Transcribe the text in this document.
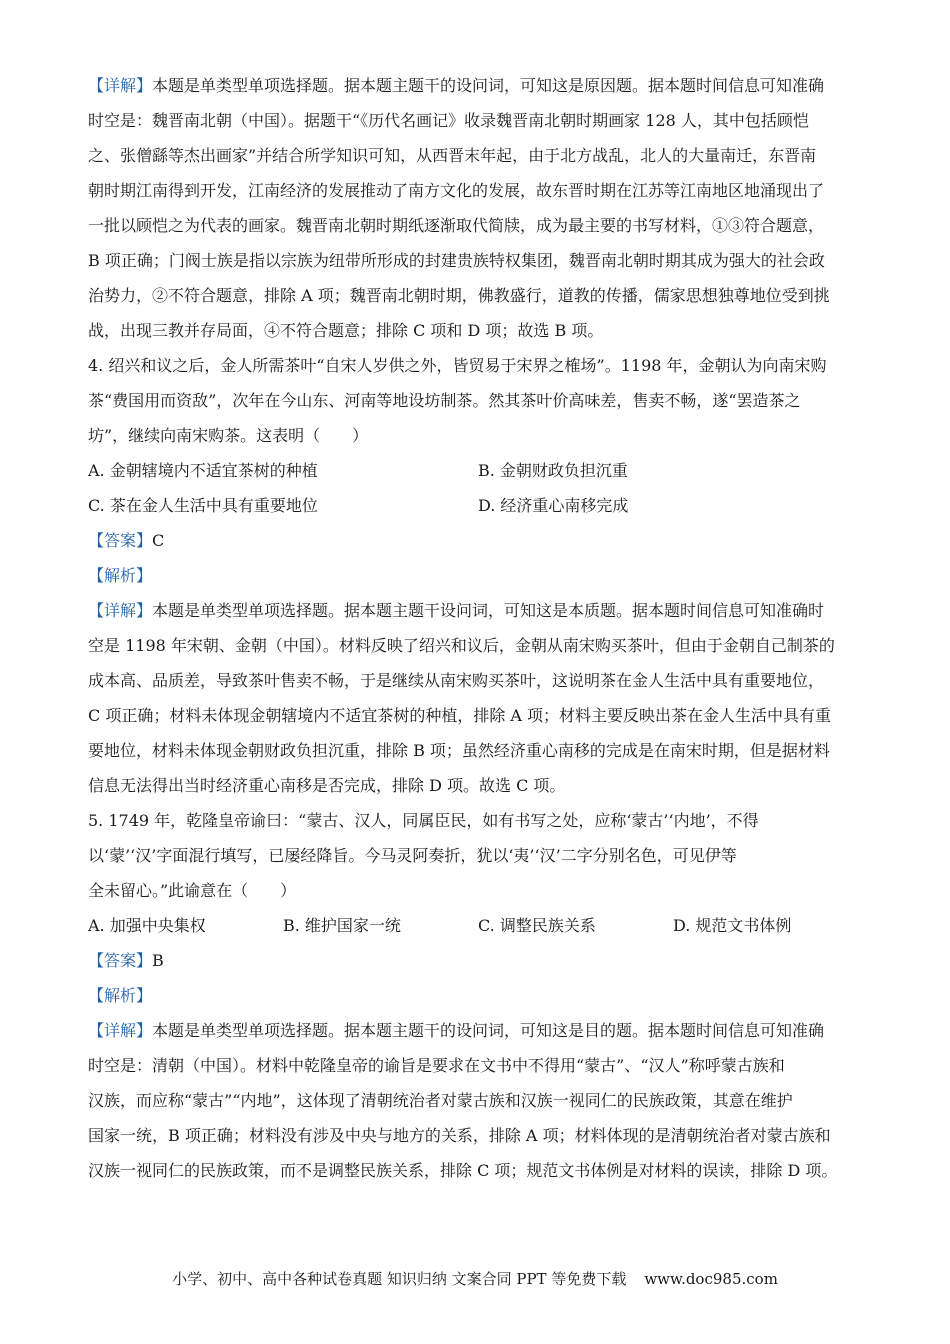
【详解】本题是单类型单项选择题。据本题主题干的设问词，可知这是原因题。据本题时间信息可知准确
时空是：魏晋南北朝（中国）。据题干“《历代名画记》收录魏晋南北朝时期画家 128 人，其中包括顾恺
之、张僧繇等杰出画家”并结合所学知识可知，从西晋末年起，由于北方战乱，北人的大量南迁，东晋南
朝时期江南得到开发，江南经济的发展推动了南方文化的发展，故东晋时期在江苏等江南地区地涌现出了
一批以顾恺之为代表的画家。魏晋南北朝时期纸逐渐取代简牍，成为最主要的书写材料，①③符合题意，
B 项正确；门阀士族是指以宗族为纽带所形成的封建贵族特权集团，魏晋南北朝时期其成为强大的社会政
治势力，②不符合题意，排除 A 项；魏晋南北朝时期，佛教盛行，道教的传播，儒家思想独尊地位受到挑
战，出现三教并存局面，④不符合题意；排除 C 项和 D 项；故选 B 项。
4. 绍兴和议之后，金人所需茶叶“自宋人岁供之外，皆贸易于宋界之榷场”。1198 年，金朝认为向南宋购
茶“费国用而资敌”，次年在今山东、河南等地设坊制茶。然其茶叶价高味差，售卖不畅，遂“罢造茶之
坊”，继续向南宋购茶。这表明（　　）
A. 金朝辖境内不适宜茶树的种植	B. 金朝财政负担沉重
C. 茶在金人生活中具有重要地位	D. 经济重心南移完成
【答案】C
【解析】
【详解】本题是单类型单项选择题。据本题主题干设问词，可知这是本质题。据本题时间信息可知准确时
空是 1198 年宋朝、金朝（中国）。材料反映了绍兴和议后，金朝从南宋购买茶叶，但由于金朝自己制茶的
成本高、品质差，导致茶叶售卖不畅，于是继续从南宋购买茶叶，这说明茶在金人生活中具有重要地位，
C 项正确；材料未体现金朝辖境内不适宜茶树的种植，排除 A 项；材料主要反映出茶在金人生活中具有重
要地位，材料未体现金朝财政负担沉重，排除 B 项；虽然经济重心南移的完成是在南宋时期，但是据材料
信息无法得出当时经济重心南移是否完成，排除 D 项。故选 C 项。
5. 1749 年，乾隆皇帝谕曰：“蒙古、汉人，同属臣民，如有书写之处，应称‘蒙古’‘内地’，不得
以‘蒙’‘汉’字面混行填写，已屡经降旨。今马灵阿奏折，犹以‘夷’‘汉’二字分别名色，可见伊等
全未留心。”此谕意在（　　）
A. 加强中央集权	B. 维护国家一统	C. 调整民族关系	D. 规范文书体例
【答案】B
【解析】
【详解】本题是单类型单项选择题。据本题主题干的设问词，可知这是目的题。据本题时间信息可知准确
时空是：清朝（中国）。材料中乾隆皇帝的谕旨是要求在文书中不得用“蒙古”、“汉人”称呼蒙古族和
汉族，而应称“蒙古”“内地”，这体现了清朝统治者对蒙古族和汉族一视同仁的民族政策，其意在维护
国家一统，B 项正确；材料没有涉及中央与地方的关系，排除 A 项；材料体现的是清朝统治者对蒙古族和
汉族一视同仁的民族政策，而不是调整民族关系，排除 C 项；规范文书体例是对材料的误读，排除 D 项。
小学、初中、高中各种试卷真题 知识归纳 文案合同 PPT 等免费下载 www.doc985.com
